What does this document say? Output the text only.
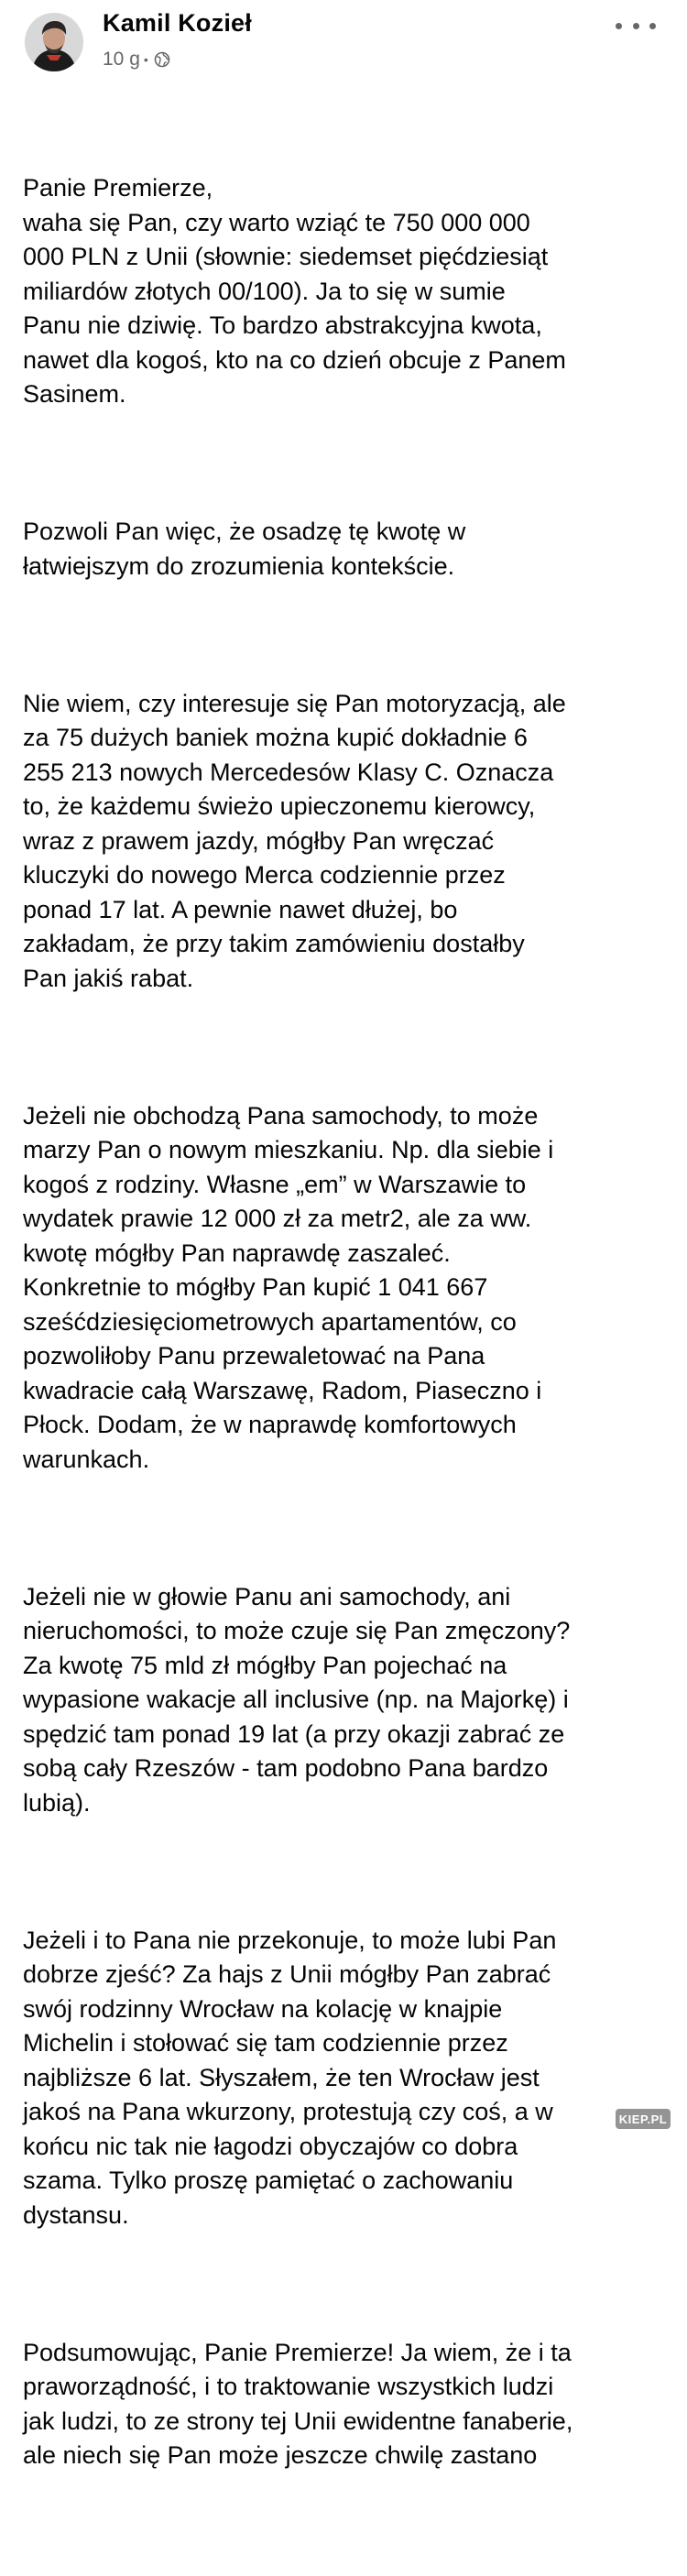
Kamil Kozieł
10 g •

Panie Premierze,
waha się Pan, czy warto wziąć te 750 000 000
000 PLN z Unii (słownie: siedemset pięćdziesiąt
miliardów złotych 00/100). Ja to się w sumie
Panu nie dziwię. To bardzo abstrakcyjna kwota,
nawet dla kogoś, kto na co dzień obcuje z Panem
Sasinem.

Pozwoli Pan więc, że osadzę tę kwotę w
łatwiejszym do zrozumienia kontekście.

Nie wiem, czy interesuje się Pan motoryzacją, ale
za 75 dużych baniek można kupić dokładnie 6
255 213 nowych Mercedesów Klasy C. Oznacza
to, że każdemu świeżo upieczonemu kierowcy,
wraz z prawem jazdy, mógłby Pan wręczać
kluczyki do nowego Merca codziennie przez
ponad 17 lat. A pewnie nawet dłużej, bo
zakładam, że przy takim zamówieniu dostałby
Pan jakiś rabat.

Jeżeli nie obchodzą Pana samochody, to może
marzy Pan o nowym mieszkaniu. Np. dla siebie i
kogoś z rodziny. Własne „em” w Warszawie to
wydatek prawie 12 000 zł za metr2, ale za ww.
kwotę mógłby Pan naprawdę zaszaleć.
Konkretnie to mógłby Pan kupić 1 041 667
sześćdziesięciometrowych apartamentów, co
pozwoliłoby Panu przewaletować na Pana
kwadracie całą Warszawę, Radom, Piaseczno i
Płock. Dodam, że w naprawdę komfortowych
warunkach.

Jeżeli nie w głowie Panu ani samochody, ani
nieruchomości, to może czuje się Pan zmęczony?
Za kwotę 75 mld zł mógłby Pan pojechać na
wypasione wakacje all inclusive (np. na Majorkę) i
spędzić tam ponad 19 lat (a przy okazji zabrać ze
sobą cały Rzeszów - tam podobno Pana bardzo
lubią).

Jeżeli i to Pana nie przekonuje, to może lubi Pan
dobrze zjeść? Za hajs z Unii mógłby Pan zabrać
swój rodzinny Wrocław na kolację w knajpie
Michelin i stołować się tam codziennie przez
najbliższe 6 lat. Słyszałem, że ten Wrocław jest
jakoś na Pana wkurzony, protestują czy coś, a w
końcu nic tak nie łagodzi obyczajów co dobra
szama. Tylko proszę pamiętać o zachowaniu
dystansu.

Podsumowując, Panie Premierze! Ja wiem, że i ta
praworządność, i to traktowanie wszystkich ludzi
jak ludzi, to ze strony tej Unii ewidentne fanaberie,
ale niech się Pan może jeszcze chwilę zastano

KIEP.PL
